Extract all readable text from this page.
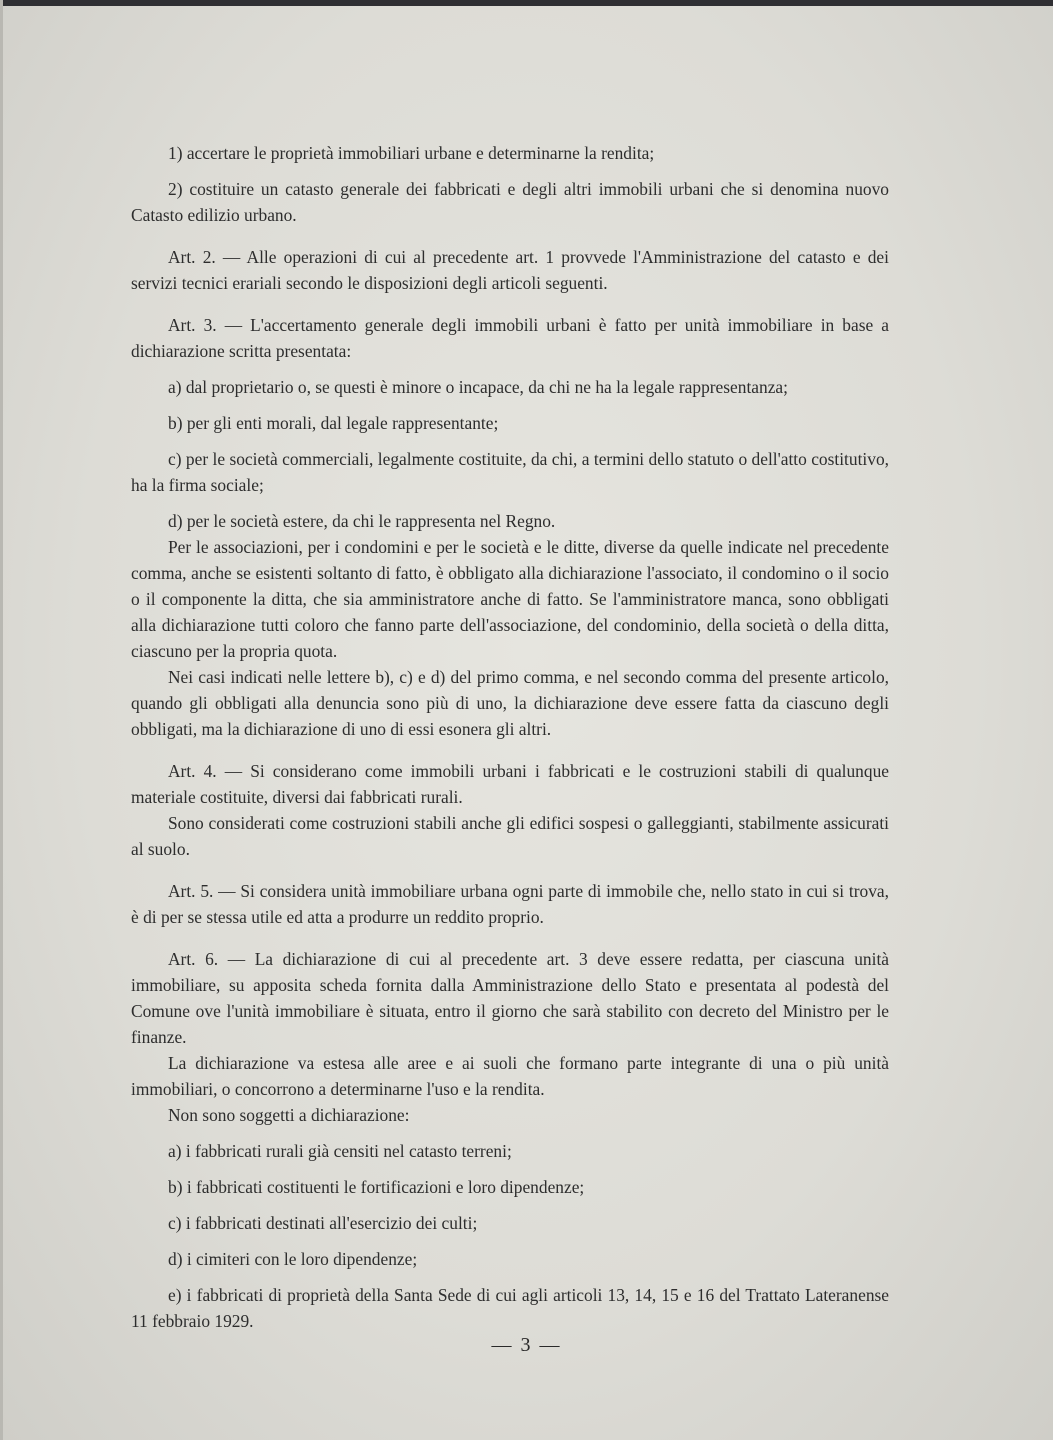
1) accertare le proprietà immobiliari urbane e determinarne la rendita;

2) costituire un catasto generale dei fabbricati e degli altri immobili urbani che si denomina nuovo Catasto edilizio urbano.

Art. 2. — Alle operazioni di cui al precedente art. 1 provvede l'Amministrazione del catasto e dei servizi tecnici erariali secondo le disposizioni degli articoli seguenti.

Art. 3. — L'accertamento generale degli immobili urbani è fatto per unità immobiliare in base a dichiarazione scritta presentata:

a) dal proprietario o, se questi è minore o incapace, da chi ne ha la legale rappresentanza;

b) per gli enti morali, dal legale rappresentante;

c) per le società commerciali, legalmente costituite, da chi, a termini dello statuto o dell'atto costitutivo, ha la firma sociale;

d) per le società estere, da chi le rappresenta nel Regno.

Per le associazioni, per i condomini e per le società e le ditte, diverse da quelle indicate nel precedente comma, anche se esistenti soltanto di fatto, è obbligato alla dichiarazione l'associato, il condomino o il socio o il componente la ditta, che sia amministratore anche di fatto. Se l'amministratore manca, sono obbligati alla dichiarazione tutti coloro che fanno parte dell'associazione, del condominio, della società o della ditta, ciascuno per la propria quota.

Nei casi indicati nelle lettere b), c) e d) del primo comma, e nel secondo comma del presente articolo, quando gli obbligati alla denuncia sono più di uno, la dichiarazione deve essere fatta da ciascuno degli obbligati, ma la dichiarazione di uno di essi esonera gli altri.

Art. 4. — Si considerano come immobili urbani i fabbricati e le costruzioni stabili di qualunque materiale costituite, diversi dai fabbricati rurali.

Sono considerati come costruzioni stabili anche gli edifici sospesi o galleggianti, stabilmente assicurati al suolo.

Art. 5. — Si considera unità immobiliare urbana ogni parte di immobile che, nello stato in cui si trova, è di per se stessa utile ed atta a produrre un reddito proprio.

Art. 6. — La dichiarazione di cui al precedente art. 3 deve essere redatta, per ciascuna unità immobiliare, su apposita scheda fornita dalla Amministrazione dello Stato e presentata al podestà del Comune ove l'unità immobiliare è situata, entro il giorno che sarà stabilito con decreto del Ministro per le finanze.

La dichiarazione va estesa alle aree e ai suoli che formano parte integrante di una o più unità immobiliari, o concorrono a determinarne l'uso e la rendita.

Non sono soggetti a dichiarazione:

a) i fabbricati rurali già censiti nel catasto terreni;

b) i fabbricati costituenti le fortificazioni e loro dipendenze;

c) i fabbricati destinati all'esercizio dei culti;

d) i cimiteri con le loro dipendenze;

e) i fabbricati di proprietà della Santa Sede di cui agli articoli 13, 14, 15 e 16 del Trattato Lateranense 11 febbraio 1929.

— 3 —
